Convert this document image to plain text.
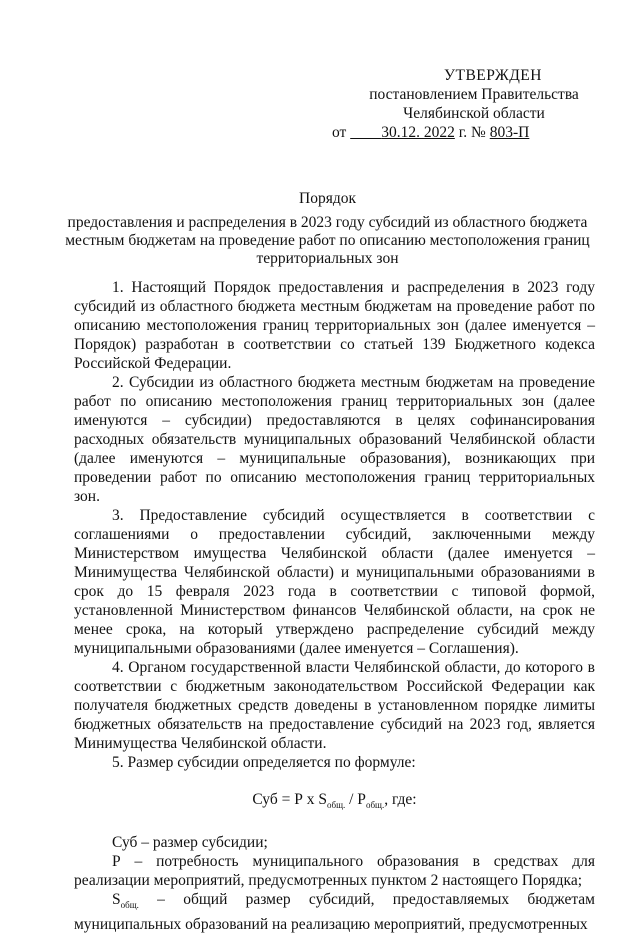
УТВЕРЖДЕН
постановлением Правительства
Челябинской области
от 30.12. 2022 г. № 803-П
Порядок
предоставления и распределения в 2023 году субсидий из областного бюджета местным бюджетам на проведение работ по описанию местоположения границ территориальных зон

1. Настоящий Порядок предоставления и распределения в 2023 году субсидий из областного бюджета местным бюджетам на проведение работ по описанию местоположения границ территориальных зон (далее именуется – Порядок) разработан в соответствии со статьей 139 Бюджетного кодекса Российской Федерации.

2. Субсидии из областного бюджета местным бюджетам на проведение работ по описанию местоположения границ территориальных зон (далее именуются – субсидии) предоставляются в целях софинансирования расходных обязательств муниципальных образований Челябинской области (далее именуются – муниципальные образования), возникающих при проведении работ по описанию местоположения границ территориальных зон.

3. Предоставление субсидий осуществляется в соответствии с соглашениями о предоставлении субсидий, заключенными между Министерством имущества Челябинской области (далее именуется – Минимущества Челябинской области) и муниципальными образованиями в срок до 15 февраля 2023 года в соответствии с типовой формой, установленной Министерством финансов Челябинской области, на срок не менее срока, на который утверждено распределение субсидий между муниципальными образованиями (далее именуется – Соглашения).

4. Органом государственной власти Челябинской области, до которого в соответствии с бюджетным законодательством Российской Федерации как получателя бюджетных средств доведены в установленном порядке лимиты бюджетных обязательств на предоставление субсидий на 2023 год, является Минимущества Челябинской области.

5. Размер субсидии определяется по формуле:

Суб = Р x $S_{общ.} / Р_{общ.}$, где:

Суб – размер субсидии;

Р – потребность муниципального образования в средствах для реализации мероприятий, предусмотренных пунктом 2 настоящего Порядка;

$S_{общ.}$ – общий размер субсидий, предоставляемых бюджетам муниципальных образований на реализацию мероприятий, предусмотренных
